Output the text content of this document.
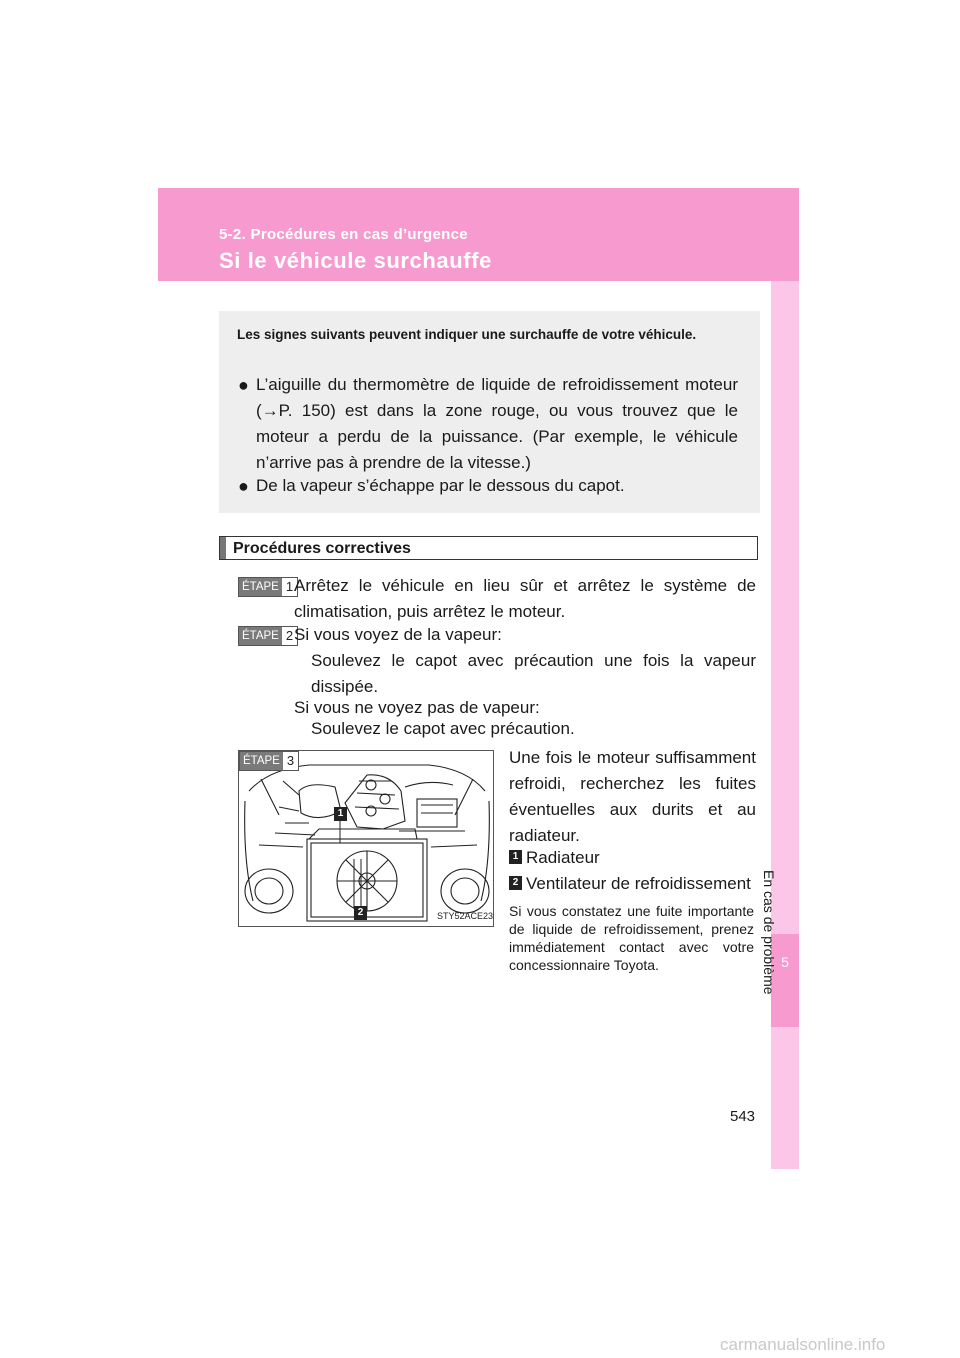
5-2. Procédures en cas d’urgence
Si le véhicule surchauffe
5
En cas de problème
Les signes suivants peuvent indiquer une surchauffe de votre véhicule.
● L’aiguille du thermomètre de liquide de refroidissement moteur (→P. 150) est dans la zone rouge, ou vous trouvez que le moteur a perdu de la puissance. (Par exemple, le véhicule n’arrive pas à prendre de la vitesse.)
● De la vapeur s’échappe par le dessous du capot.
Procédures correctives
ÉTAPE 1 Arrêtez le véhicule en lieu sûr et arrêtez le système de climatisation, puis arrêtez le moteur.
ÉTAPE 2 Si vous voyez de la vapeur:
Soulevez le capot avec précaution une fois la vapeur dissipée.
Si vous ne voyez pas de vapeur:
Soulevez le capot avec précaution.
ÉTAPE 3
1
2	STY52ACE23
Une fois le moteur suffisamment refroidi, recherchez les fuites éventuelles aux durits et au radiateur.
1 Radiateur
2 Ventilateur de refroidissement
Si vous constatez une fuite importante de liquide de refroidissement, prenez immédiatement contact avec votre concessionnaire Toyota.
543
carmanualsonline.info
